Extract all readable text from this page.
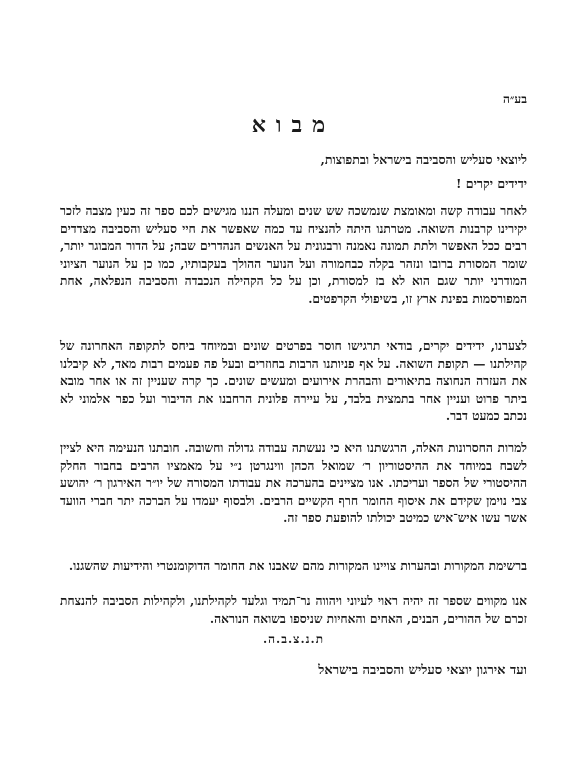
בע״ה
מבוא
ליוצאי סעליש והסביבה בישראל ובתפוצות,
ידידים יקרים !
לאחר עבודה קשה ומאומצת שנמשכה שש שנים ומעלה הננו מגישים לכם ספר זה כעין מצבה לזכר יקירינו קרבנות השואה. מטרתנו היתה להנציח עד כמה שאפשר את חיי סעליש והסביבה מצדדים רבים ככל האפשר ולתת תמונה נאמנה ורבגונית על האנשים הנהדרים שבה; על הדור המבוגר יותר, שומר המסורת ברובו ונזהר בקלה כבחמורה ועל הנוער ההולך בעקבותיו, כמו כן על הנוער הציוני המודרני יותר שגם הוא לא בז למסורת, וכן על כל הקהילה הנכבדה והסביבה הנפלאה, אחת המפורסמות בפינת ארץ זו, בשיפולי הקרפטים.
לצערנו, ידידים יקרים, בודאי תרגישו חוסר בפרטים שונים ובמיוחד ביחס לתקופה האחרונה של קהילתנו — תקופת השואה. על אף פניותנו הרבות בחוזרים ובעל פה פעמים רבות מאד, לא קיבלנו את העזרה הנחוצה בתיאורים והבהרת אירועים ומעשים שונים. כך קרה שעניין זה או אחר מובא ביתר פרוט ועניין אחר בתמצית בלבד, על עיירה פלונית הרחבנו את הדיבור ועל כפר אלמוני לא נכתב כמעט דבר.
למרות החסרונות האלה, הרגשתנו היא כי נעשתה עבודה גדולה וחשובה. חובתנו הנעימה היא לציין לשבח במיוחד את ההיסטוריון ר׳ שמואל הכהן ווינגרטן נ״י על מאמציו הרבים בחבור החלק ההיסטורי של הספר ועריכתו. אנו מציינים בהערכה את עבודתו המסורה של יו״ר האירגון ר׳ יהושע צבי נוימן שקידם את איסוף החומר חרף הקשיים הרבים. ולבסוף יעמדו על הברכה יתר חברי הוועד אשר עשו איש־איש כמיטב יכולתו להופעת ספר זה.
ברשימת המקורות ובהערות צויינו המקורות מהם שאבנו את החומר הדוקומנטרי והידיעות שהשגנו.
אנו מקווים שספר זה יהיה ראוי לעיוני ויהווה נר־תמיד וגלעד לקהילתנו, ולקהילות הסביבה להנצחת זכרם של ההורים, הבנים, האחים והאחיות שניספו בשואה הנוראה.
ת.נ.צ.ב.ה.
ועד אירגון יוצאי סעליש והסביבה בישראל
